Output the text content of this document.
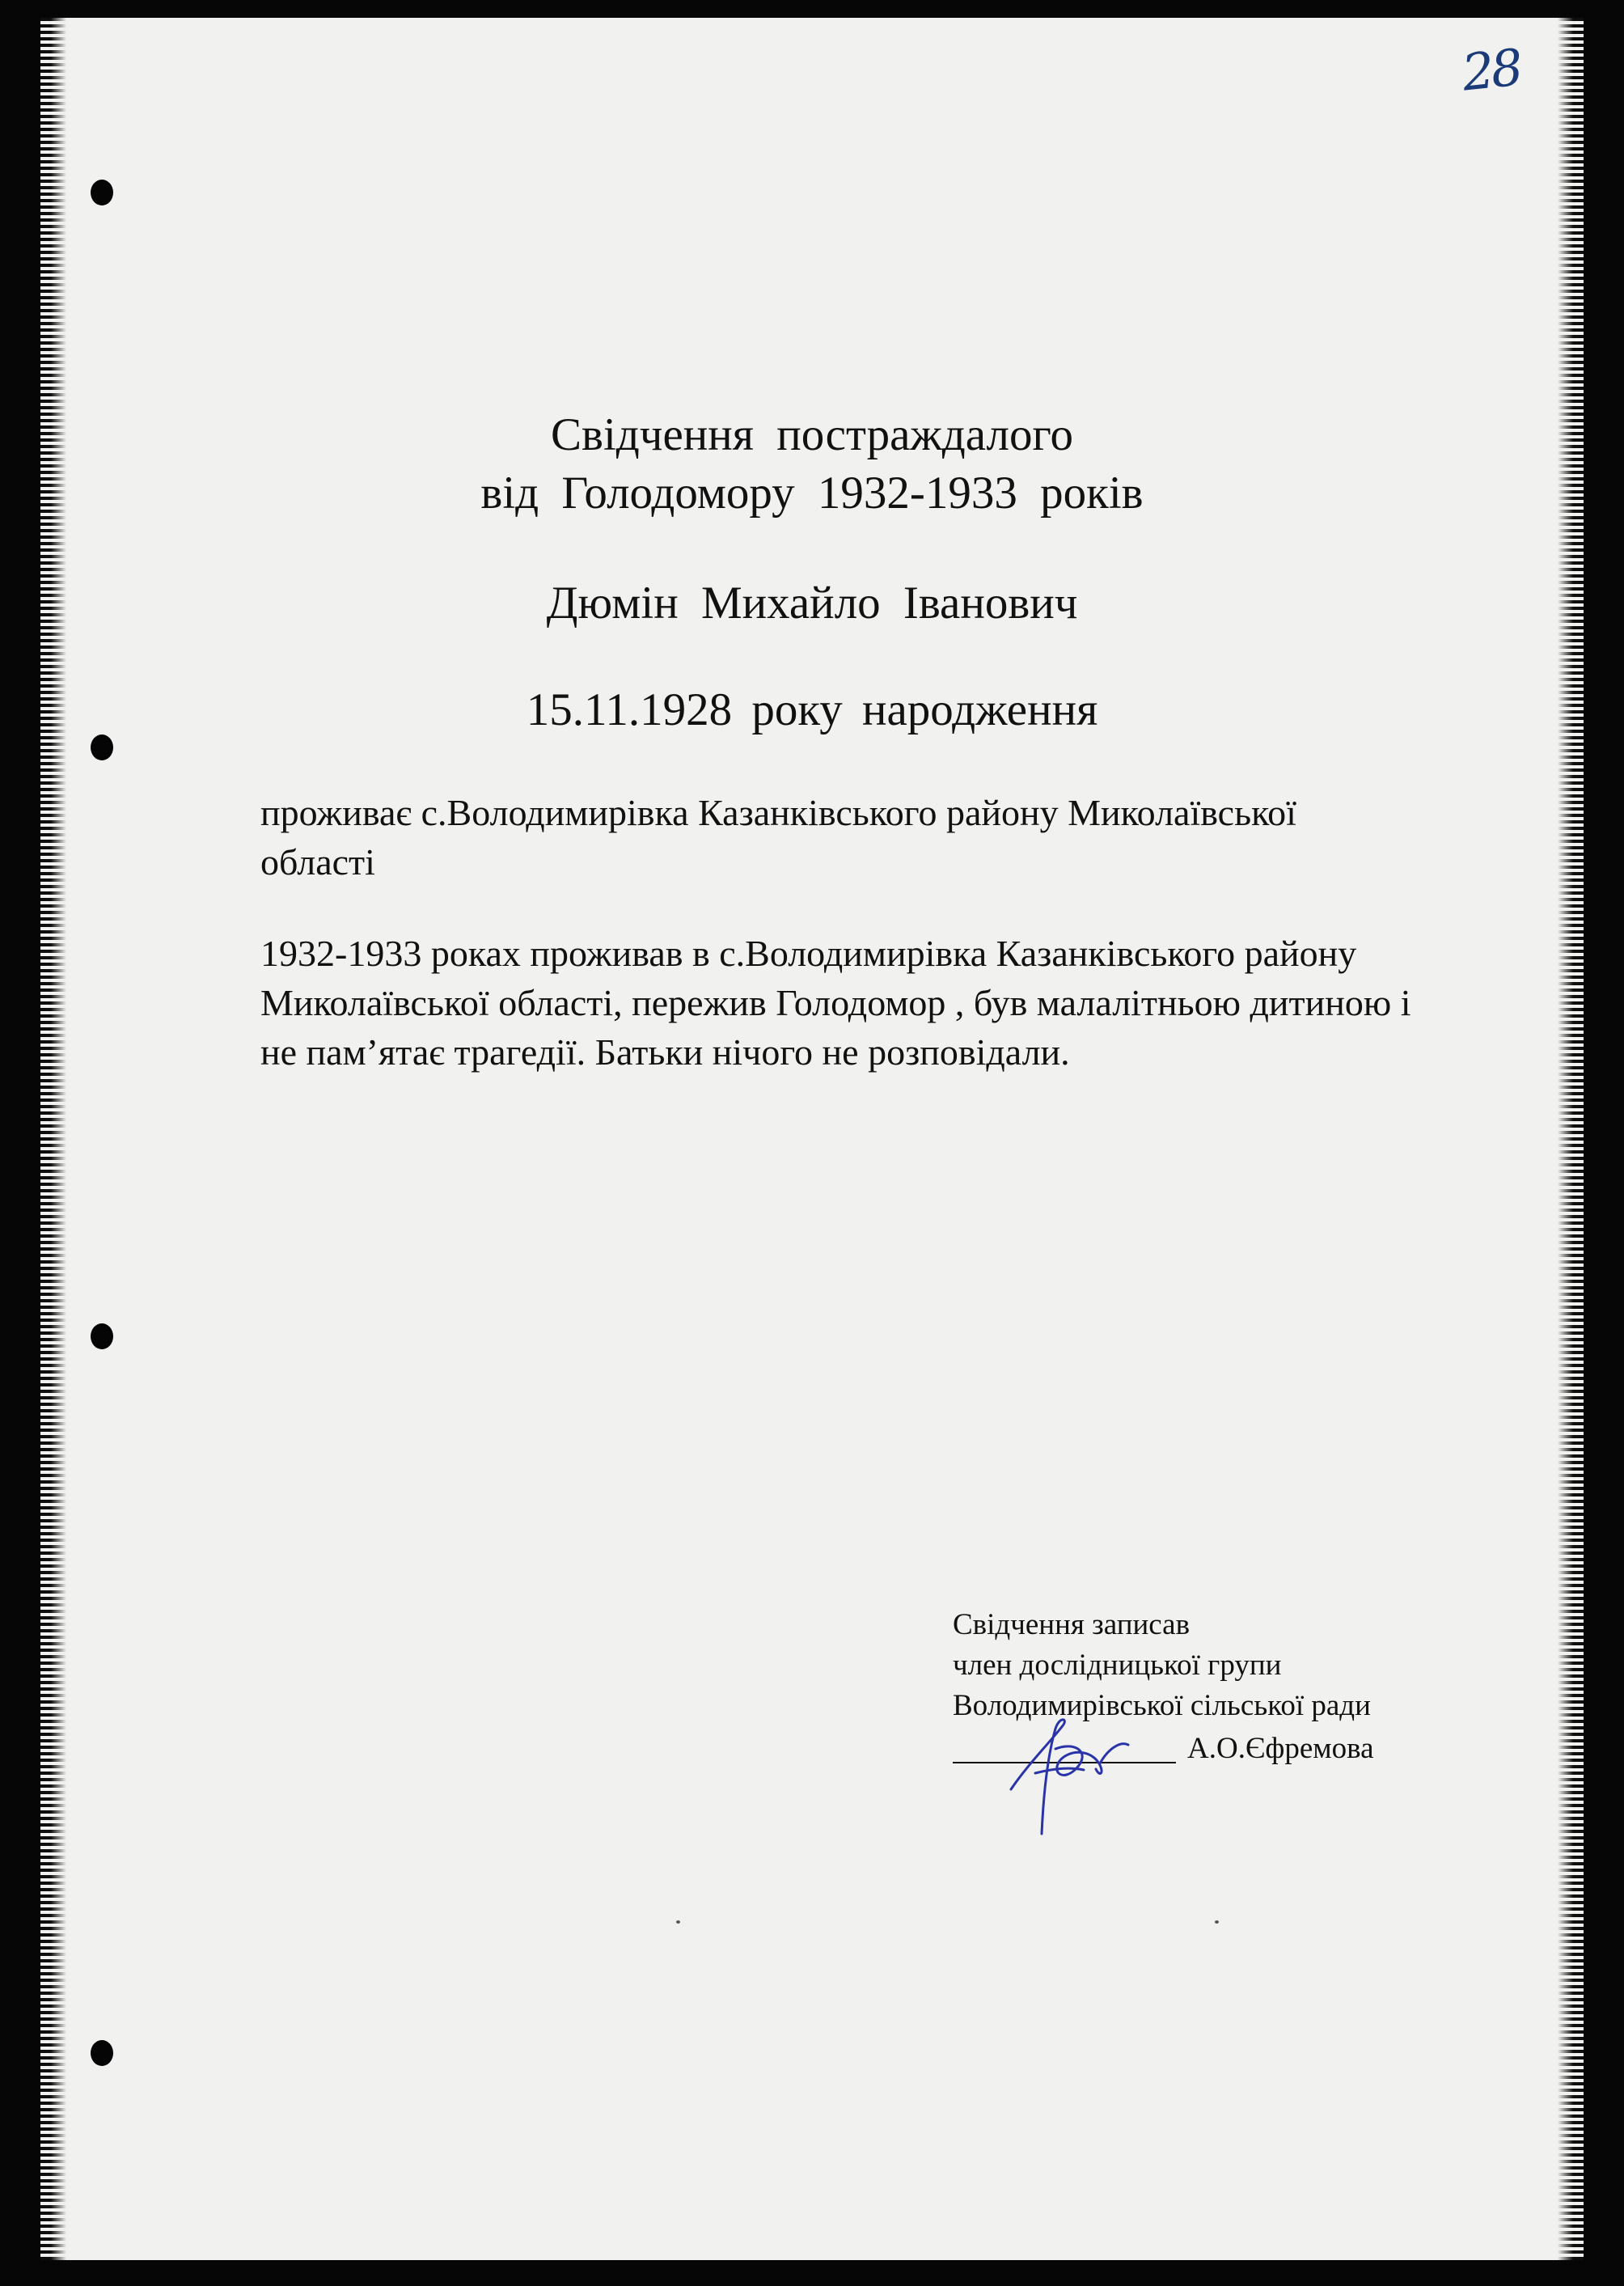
28
Свідчення постраждалого
від Голодомору 1932-1933 років
Дюмін Михайло Іванович
15.11.1928 року народження

проживає с.Володимирівка Казанківського району Миколаївської області

1932-1933 роках проживав в с.Володимирівка Казанківського району Миколаївської області, пережив Голодомор , був малалітньою дитиною і не пам’ятає трагедії. Батьки нічого не розповідали.

Свідчення записав
член дослідницької групи
Володимирівської сільської ради
А.О.Єфремова
